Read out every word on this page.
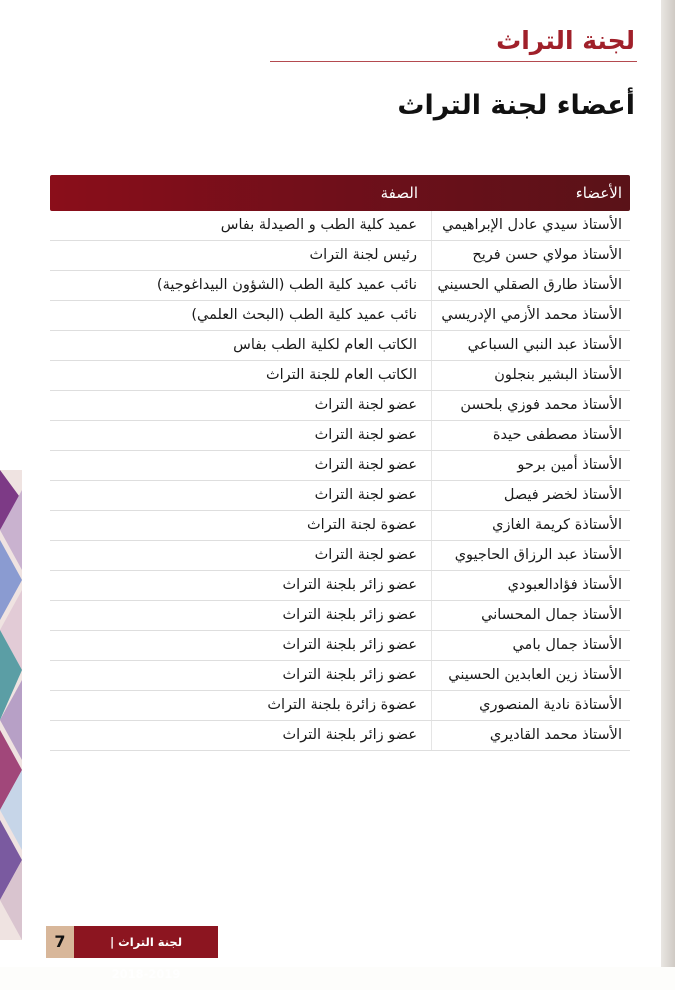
لجنة التراث
أعضاء لجنة التراث
الأعضاء
الصفة
الأستاذ سيدي عادل الإبراهيمي
عميد كلية الطب و الصيدلة بفاس
الأستاذ مولاي حسن فريح
رئيس لجنة التراث
الأستاذ طارق الصقلي الحسيني
نائب عميد كلية الطب (الشؤون البيداغوجية)
الأستاذ محمد الأزمي الإدريسي
نائب عميد كلية الطب (البحث العلمي)
الأستاذ عبد النبي السباعي
الكاتب العام لكلية الطب بفاس
الأستاذ البشير بنجلون
الكاتب العام للجنة التراث
الأستاذ محمد فوزي بلحسن
عضو لجنة التراث
الأستاذ مصطفى حيدة
عضو لجنة التراث
الأستاذ أمين برحو
عضو لجنة التراث
الأستاذ لخضر فيصل
عضو لجنة التراث
الأستاذة كريمة الغازي
عضوة لجنة التراث
الأستاذ عبد الرزاق الحاجيوي
عضو لجنة التراث
الأستاذ فؤادالعبودي
عضو زائر بلجنة التراث
الأستاذ جمال المحساني
عضو زائر بلجنة التراث
الأستاذ جمال بامي
عضو زائر بلجنة التراث
الأستاذ زين العابدين الحسيني
عضو زائر بلجنة التراث
الأستاذة نادية المنصوري
عضوة زائرة بلجنة التراث
الأستاذ محمد القاديري
عضو زائر بلجنة التراث
7	لجنة التراث | 2018-2019
